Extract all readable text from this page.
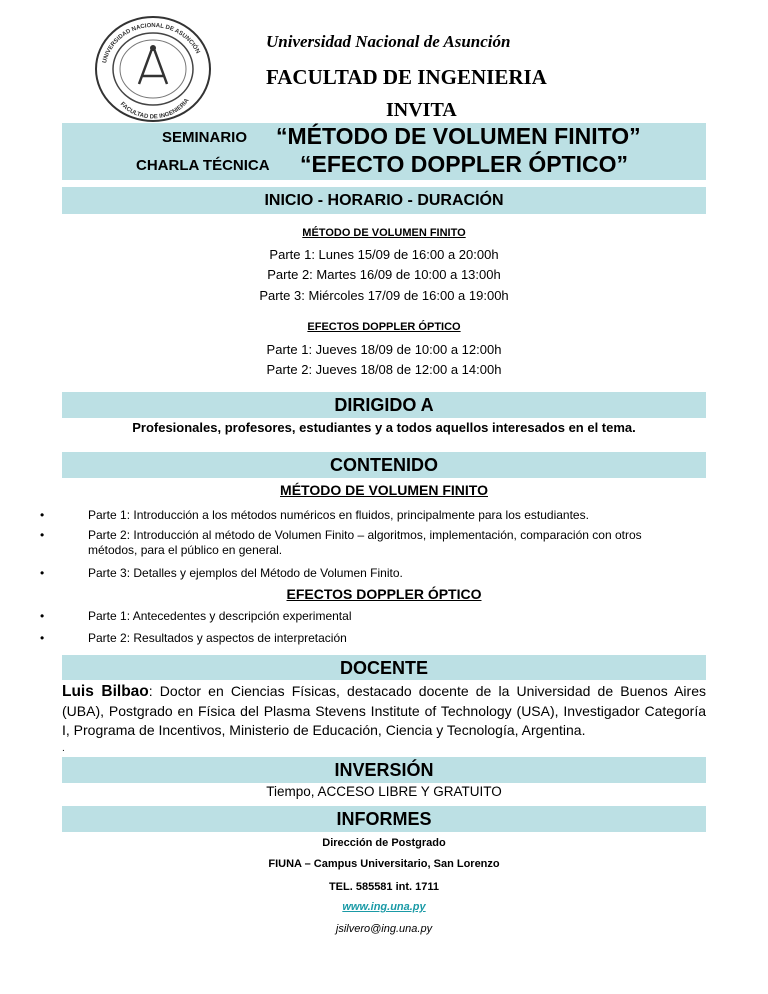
UNIVERSIDAD NACIONAL DE ASUNCIÓN
FACULTAD DE INGENIERIA
Universidad Nacional de Asunción
FACULTAD DE INGENIERIA
INVITA
SEMINARIO “MÉTODO DE VOLUMEN FINITO”
CHARLA TÉCNICA “EFECTO DOPPLER ÓPTICO”
INICIO - HORARIO - DURACIÓN
MÉTODO DE VOLUMEN FINITO
Parte 1: Lunes 15/09 de 16:00 a 20:00h
Parte 2: Martes 16/09 de 10:00 a 13:00h
Parte 3: Miércoles 17/09 de 16:00 a 19:00h
EFECTOS DOPPLER ÓPTICO
Parte 1: Jueves 18/09 de 10:00 a 12:00h
Parte 2: Jueves 18/08 de 12:00 a 14:00h
DIRIGIDO A
Profesionales, profesores, estudiantes y a todos aquellos interesados en el tema.
CONTENIDO
MÉTODO DE VOLUMEN FINITO
•	Parte 1: Introducción a los métodos numéricos en fluidos, principalmente para los estudiantes.
•	Parte 2: Introducción al método de Volumen Finito – algoritmos, implementación, comparación con otros métodos, para el público en general.
•	Parte 3: Detalles y ejemplos del Método de Volumen Finito.
EFECTOS DOPPLER ÓPTICO
•	Parte 1: Antecedentes y descripción experimental
•	Parte 2: Resultados y aspectos de interpretación
DOCENTE
Luis Bilbao: Doctor en Ciencias Físicas, destacado docente de la Universidad de Buenos Aires (UBA), Postgrado en Física del Plasma Stevens Institute of Technology (USA), Investigador Categoría I, Programa de Incentivos, Ministerio de Educación, Ciencia y Tecnología, Argentina.
.
INVERSIÓN
Tiempo, ACCESO LIBRE Y GRATUITO
INFORMES
Dirección de Postgrado
FIUNA – Campus Universitario, San Lorenzo
TEL. 585581 int. 1711
www.ing.una.py
jsilvero@ing.una.py
